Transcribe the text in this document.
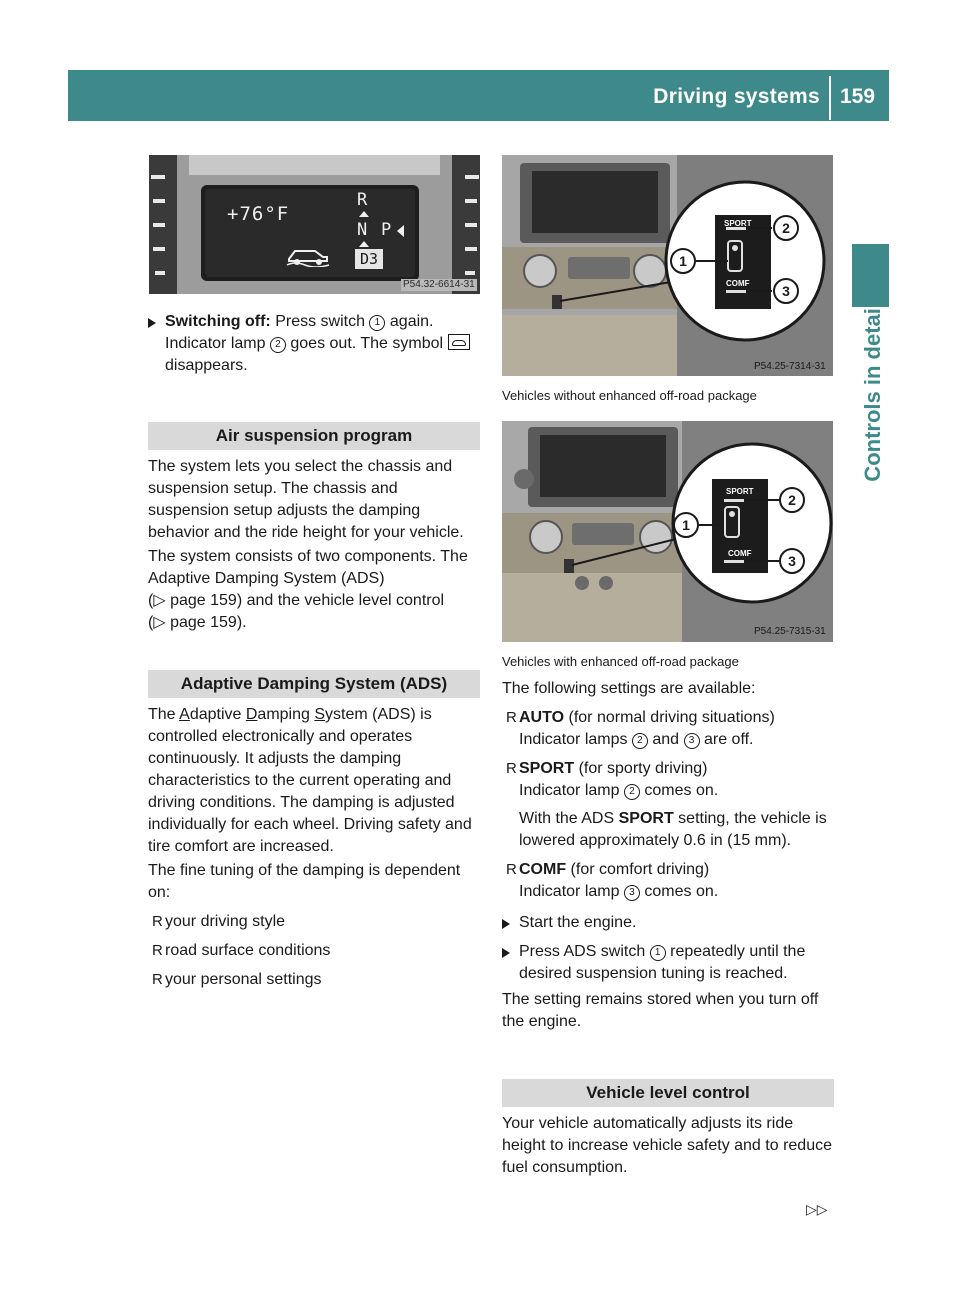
Driving systems 159
Controls in detail
+76°F
R
N P
D3
P54.32-6614-31
SPORT
COMF
1
2
3
P54.25-7314-31
Vehicles without enhanced off-road package
SPORT
COMF
1
2
3
P54.25-7315-31
Vehicles with enhanced off-road package
Switching off: Press switch 1 again. Indicator lamp 2 goes out. The symbol  disappears.
Air suspension program

The system lets you select the chassis and suspension setup. The chassis and suspension setup adjusts the damping behavior and the ride height for your vehicle.

The system consists of two components. The Adaptive Damping System (ADS)
(▷ page 159) and the vehicle level control
(▷ page 159).

Adaptive Damping System (ADS)

The Adaptive Damping System (ADS) is controlled electronically and operates continuously. It adjusts the damping characteristics to the current operating and driving conditions. The damping is adjusted individually for each wheel. Driving safety and tire comfort are increased.

The fine tuning of the damping is dependent on:

R your driving style
R road surface conditions
R your personal settings

The following settings are available:

R AUTO (for normal driving situations)
Indicator lamps 2 and 3 are off.
R SPORT (for sporty driving)
Indicator lamp 2 comes on.
With the ADS SPORT setting, the vehicle is lowered approximately 0.6 in (15 mm).
R COMF (for comfort driving)
Indicator lamp 3 comes on.
Start the engine.
Press ADS switch 1 repeatedly until the desired suspension tuning is reached.

The setting remains stored when you turn off the engine.

Vehicle level control

Your vehicle automatically adjusts its ride height to increase vehicle safety and to reduce fuel consumption.

▷▷
